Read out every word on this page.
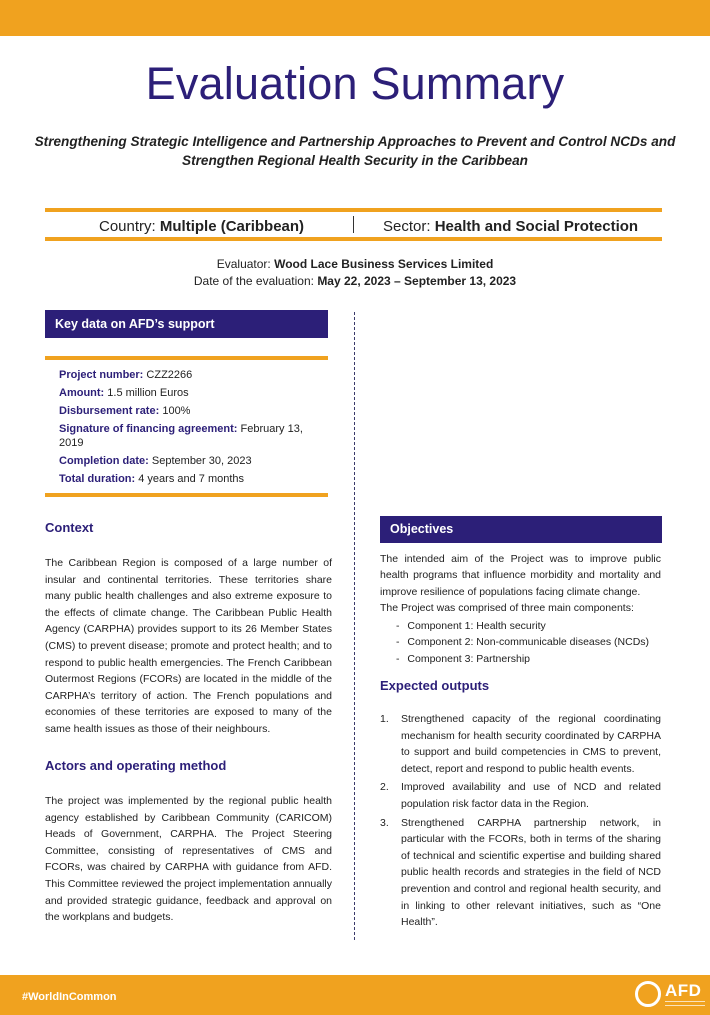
Evaluation Summary
Strengthening Strategic Intelligence and Partnership Approaches to Prevent and Control NCDs and Strengthen Regional Health Security in the Caribbean
Country: Multiple (Caribbean)	Sector: Health and Social Protection
Evaluator: Wood Lace Business Services Limited
Date of the evaluation: May 22, 2023 – September 13, 2023
Key data on AFD’s support
Project number: CZZ2266
Amount: 1.5 million Euros
Disbursement rate: 100%
Signature of financing agreement: February 13, 2019
Completion date: September 30, 2023
Total duration: 4 years and 7 months
Context
The Caribbean Region is composed of a large number of insular and continental territories. These territories share many public health challenges and also extreme exposure to the effects of climate change. The Caribbean Public Health Agency (CARPHA) provides support to its 26 Member States (CMS) to prevent disease; promote and protect health; and to respond to public health emergencies. The French Caribbean Outermost Regions (FCORs) are located in the middle of the CARPHA’s territory of action. The French populations and economies of these territories are exposed to many of the same health issues as those of their neighbours.
Actors and operating method
The project was implemented by the regional public health agency established by Caribbean Community (CARICOM) Heads of Government, CARPHA. The Project Steering Committee, consisting of representatives of CMS and FCORs, was chaired by CARPHA with guidance from AFD. This Committee reviewed the project implementation annually and provided strategic guidance, feedback and approval on the workplans and budgets.
Objectives
The intended aim of the Project was to improve public health programs that influence morbidity and mortality and improve resilience of populations facing climate change.
The Project was comprised of three main components:
- Component 1: Health security
- Component 2: Non-communicable diseases (NCDs)
- Component 3: Partnership
Expected outputs
1.	Strengthened capacity of the regional coordinating mechanism for health security coordinated by CARPHA to support and build competencies in CMS to prevent, detect, report and respond to public health events.
2.	Improved availability and use of NCD and related population risk factor data in the Region.
3.	Strengthened CARPHA partnership network, in particular with the FCORs, both in terms of the sharing of technical and scientific expertise and building shared public health records and strategies in the field of NCD prevention and control and regional health security, and in linking to other relevant initiatives, such as “One Health”.
#WorldInCommon	AFD
